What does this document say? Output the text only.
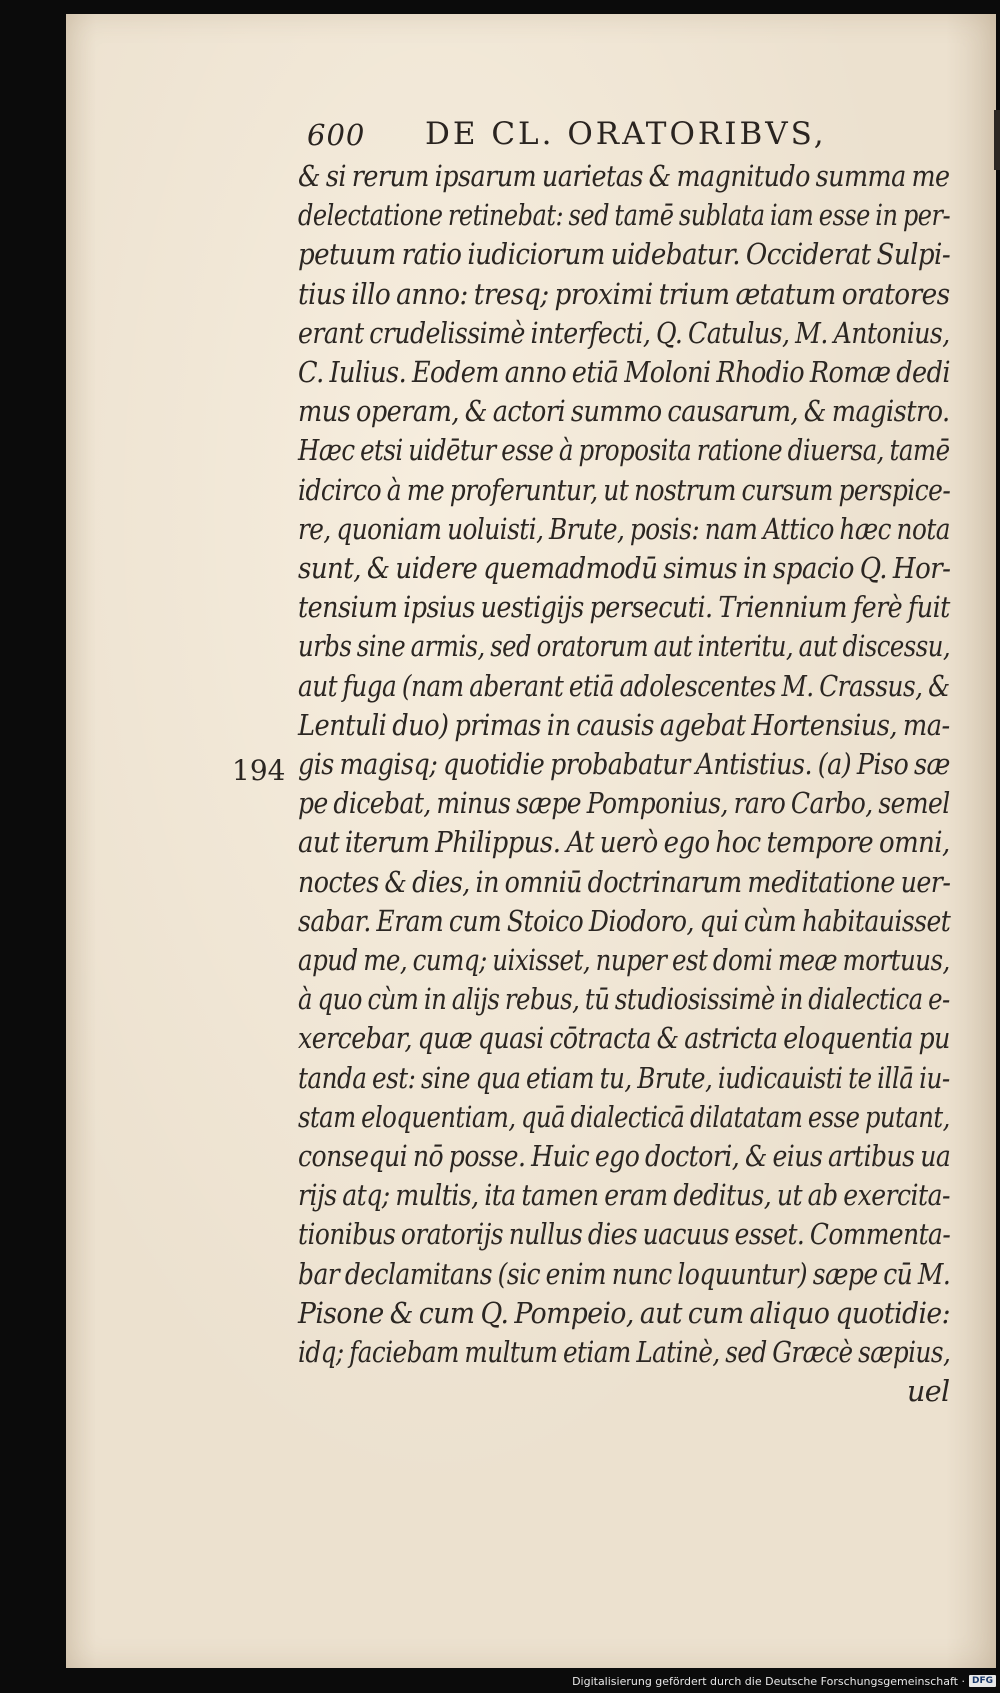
600 DE CL. ORATORIBVS,
194
& si rerum ipsarum uarietas & magnitudo summa me
delectatione retinebat: sed tamē sublata iam esse in per-
petuum ratio iudiciorum uidebatur. Occiderat Sulpi-
tius illo anno: tresq; proximi trium ætatum oratores
erant crudelissimè interfecti, Q. Catulus, M. Antonius,
C. Iulius. Eodem anno etiā Moloni Rhodio Romæ dedi
mus operam, & actori summo causarum, & magistro.
Hæc etsi uidētur esse à proposita ratione diuersa, tamē
idcirco à me proferuntur, ut nostrum cursum perspice-
re, quoniam uoluisti, Brute, posis: nam Attico hæc nota
sunt, & uidere quemadmodū simus in spacio Q. Hor-
tensium ipsius uestigijs persecuti. Triennium ferè fuit
urbs sine armis, sed oratorum aut interitu, aut discessu,
aut fuga (nam aberant etiā adolescentes M. Crassus, &
Lentuli duo) primas in causis agebat Hortensius, ma-
gis magisq; quotidie probabatur Antistius. (a) Piso sæ
pe dicebat, minus sæpe Pomponius, raro Carbo, semel
aut iterum Philippus. At uerò ego hoc tempore omni,
noctes & dies, in omniū doctrinarum meditatione uer-
sabar. Eram cum Stoico Diodoro, qui cùm habitauisset
apud me, cumq; uixisset, nuper est domi meæ mortuus,
à quo cùm in alijs rebus, tū studiosissimè in dialectica e-
xercebar, quæ quasi cōtracta & astricta eloquentia pu
tanda est: sine qua etiam tu, Brute, iudicauisti te illā iu-
stam eloquentiam, quā dialecticā dilatatam esse putant,
consequi nō posse. Huic ego doctori, & eius artibus ua
rijs atq; multis, ita tamen eram deditus, ut ab exercita-
tionibus oratorijs nullus dies uacuus esset. Commenta-
bar declamitans (sic enim nunc loquuntur) sæpe cū M.
Pisone & cum Q. Pompeio, aut cum aliquo quotidie:
idq; faciebam multum etiam Latinè, sed Græcè sæpius,
uel
Digitalisierung gefördert durch die Deutsche Forschungsgemeinschaft · DFG
